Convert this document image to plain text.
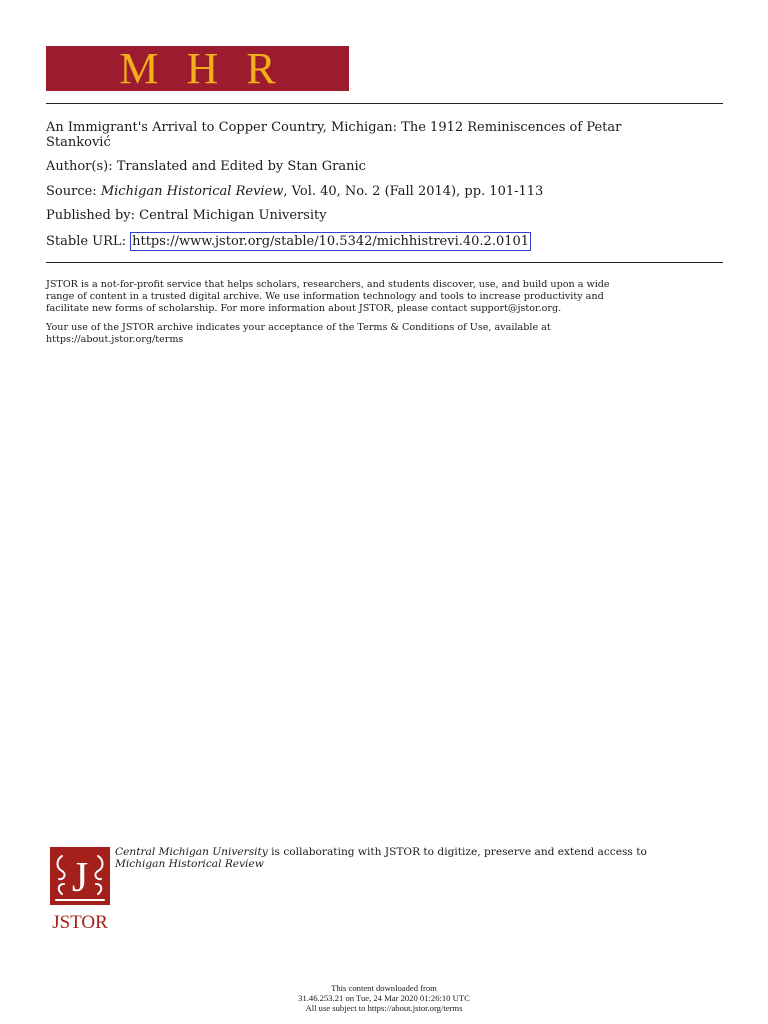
MHR
An Immigrant's Arrival to Copper Country, Michigan: The 1912 Reminiscences of Petar
Stanković
Author(s): Translated and Edited by Stan Granic
Source: Michigan Historical Review, Vol. 40, No. 2 (Fall 2014), pp. 101-113
Published by: Central Michigan University
Stable URL: https://www.jstor.org/stable/10.5342/michhistrevi.40.2.0101
JSTOR is a not-for-profit service that helps scholars, researchers, and students discover, use, and build upon a wide
range of content in a trusted digital archive. We use information technology and tools to increase productivity and
facilitate new forms of scholarship. For more information about JSTOR, please contact support@jstor.org.
Your use of the JSTOR archive indicates your acceptance of the Terms & Conditions of Use, available at
https://about.jstor.org/terms
J
JSTOR
Central Michigan University is collaborating with JSTOR to digitize, preserve and extend access to
Michigan Historical Review
This content downloaded from
31.46.253.21 on Tue, 24 Mar 2020 01:26:10 UTC
All use subject to https://about.jstor.org/terms
